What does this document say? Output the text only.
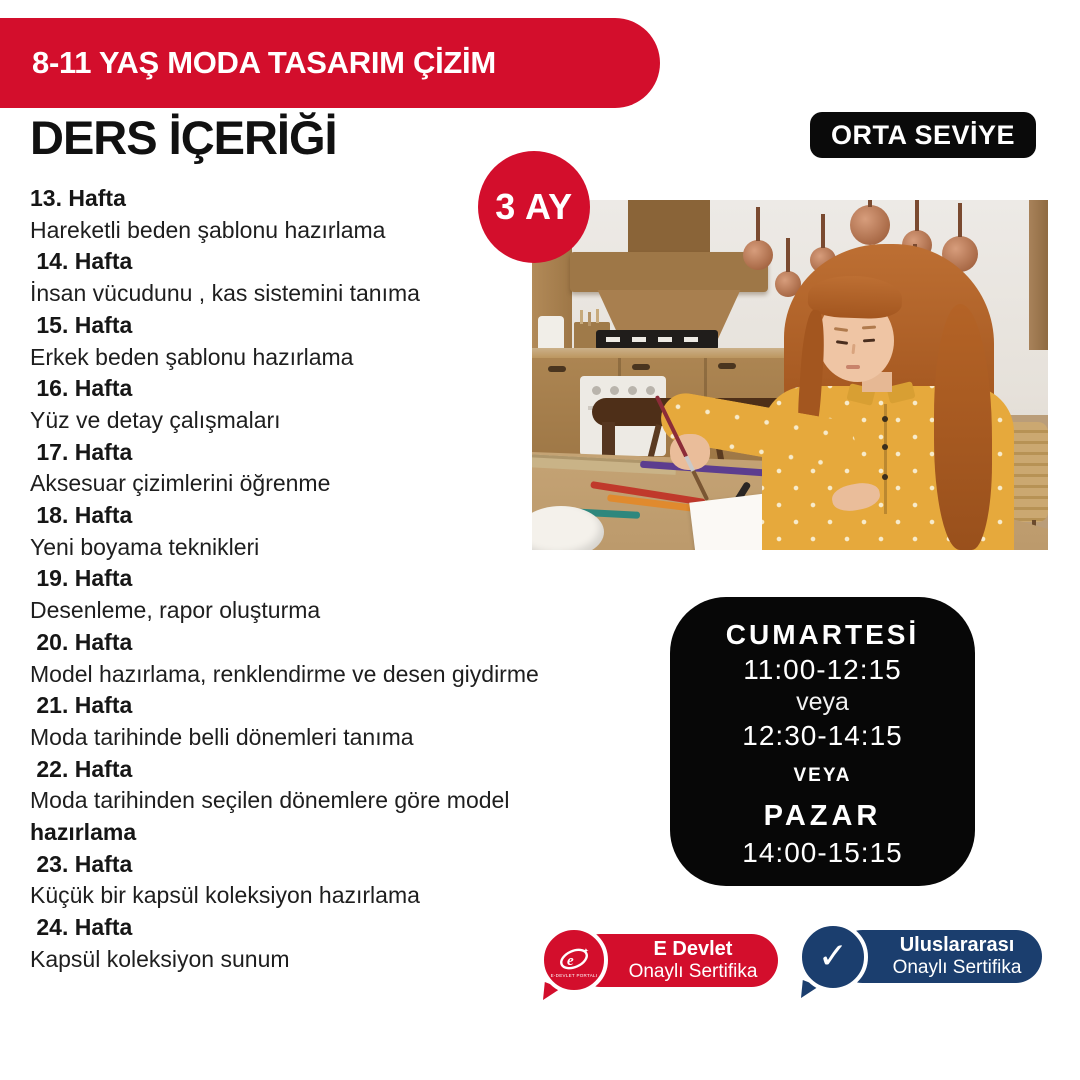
8-11 YAŞ MODA TASARIM ÇİZİM
DERS İÇERİĞİ	ORTA SEVİYE
3 AY
13. Hafta
Hareketli beden şablonu hazırlama
14. Hafta
İnsan vücudunu , kas sistemini tanıma
15. Hafta
Erkek beden şablonu hazırlama
16. Hafta
Yüz ve detay çalışmaları
17. Hafta
Aksesuar çizimlerini öğrenme
18. Hafta
Yeni boyama teknikleri
19. Hafta
Desenleme, rapor oluşturma
20. Hafta
Model hazırlama, renklendirme ve desen giydirme
21. Hafta
Moda tarihinde belli dönemleri tanıma
22. Hafta
Moda tarihinden seçilen dönemlere göre model
hazırlama
23. Hafta
Küçük bir kapsül koleksiyon hazırlama
24. Hafta
Kapsül koleksiyon sunum
CUMARTESİ
11:00-12:15
veya
12:30-14:15
VEYA
PAZAR
14:00-15:15
E Devlet
Onaylı Sertifika
e
✦
E-DEVLET PORTALI
Uluslararası
Onaylı Sertifika
✓
